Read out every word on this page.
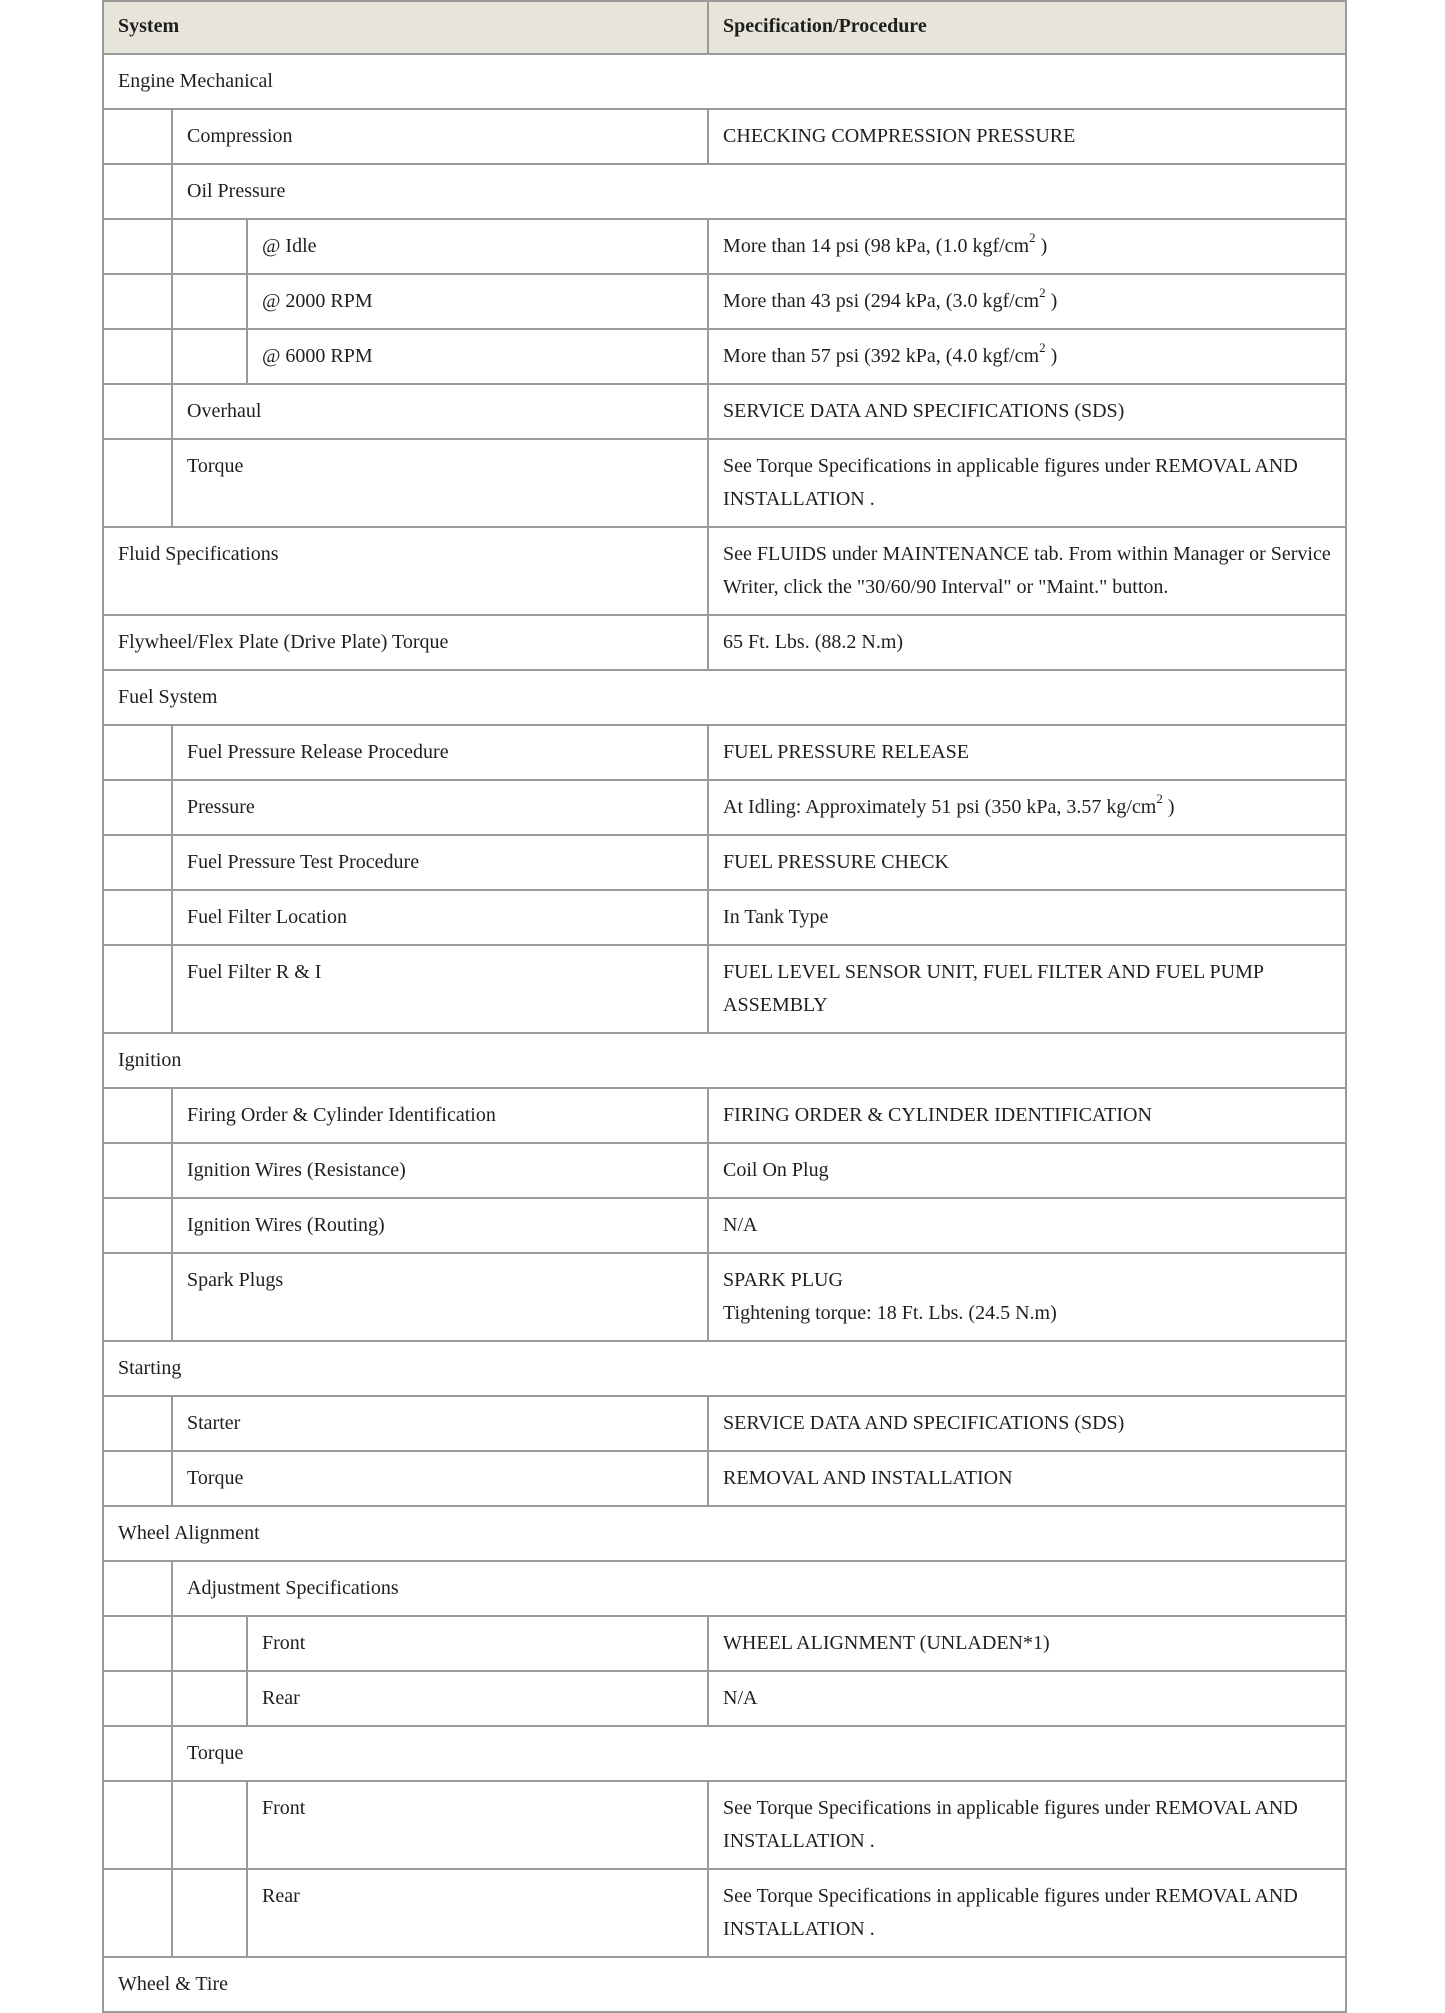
System			Specification/Procedure
Engine Mechanical			
	Compression		CHECKING COMPRESSION PRESSURE
	Oil Pressure		
		@ Idle	More than 14 psi (98 kPa, (1.0 kgf/$cm^2$ )
		@ 2000 RPM	More than 43 psi (294 kPa, (3.0 kgf/$cm^2$ )
		@ 6000 RPM	More than 57 psi (392 kPa, (4.0 kgf/$cm^2$ )
	Overhaul		SERVICE DATA AND SPECIFICATIONS (SDS)
	Torque		See Torque Specifications in applicable figures under REMOVAL AND INSTALLATION .
Fluid Specifications			See FLUIDS under MAINTENANCE tab. From within Manager or Service Writer, click the "30/60/90 Interval" or "Maint." button.
Flywheel/Flex Plate (Drive Plate) Torque			65 Ft. Lbs. (88.2 N.m)
Fuel System			
	Fuel Pressure Release Procedure		FUEL PRESSURE RELEASE
	Pressure		At Idling: Approximately 51 psi (350 kPa, 3.57 $kg/cm^2$ )
	Fuel Pressure Test Procedure		FUEL PRESSURE CHECK
	Fuel Filter Location		In Tank Type
	Fuel Filter R & I		FUEL LEVEL SENSOR UNIT, FUEL FILTER AND FUEL PUMP ASSEMBLY
Ignition			
	Firing Order & Cylinder Identification		FIRING ORDER & CYLINDER IDENTIFICATION
	Ignition Wires (Resistance)		Coil On Plug
	Ignition Wires (Routing)		N/A
	Spark Plugs		SPARK PLUG
Tightening torque: 18 Ft. Lbs. (24.5 N.m)

Starting			
	Starter		SERVICE DATA AND SPECIFICATIONS (SDS)
	Torque		REMOVAL AND INSTALLATION
Wheel Alignment			
	Adjustment Specifications		
		Front	WHEEL ALIGNMENT (UNLADEN*1)
		Rear	N/A
	Torque		
		Front	See Torque Specifications in applicable figures under REMOVAL AND INSTALLATION .
		Rear	See Torque Specifications in applicable figures under REMOVAL AND INSTALLATION .
Wheel & Tire			
